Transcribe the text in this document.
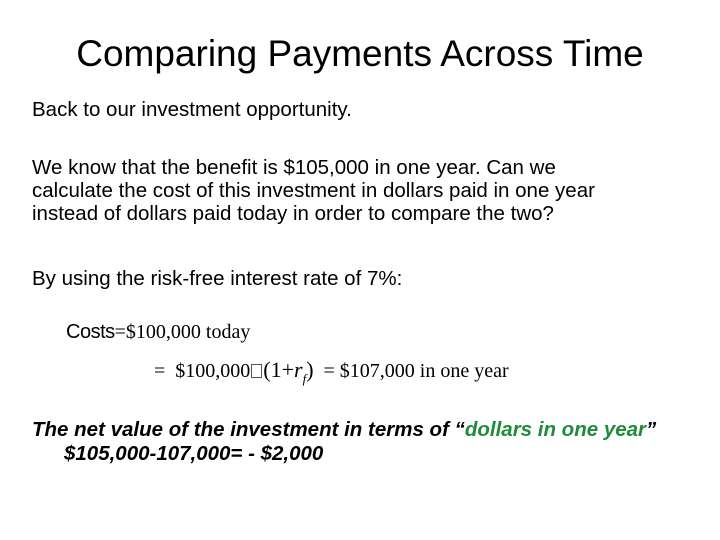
Comparing Payments Across Time
Back to our investment opportunity.
We know that the benefit is $105,000 in one year. Can we
calculate the cost of this investment in dollars paid in one year
instead of dollars paid today in order to compare the two?
By using the risk-free interest rate of 7%:
Costs=$100,000 today
= $100,000 $(1+r_f)$ = $107,000 in one year
The net value of the investment in terms of “dollars in one year”
$105,000-107,000= - $2,000
